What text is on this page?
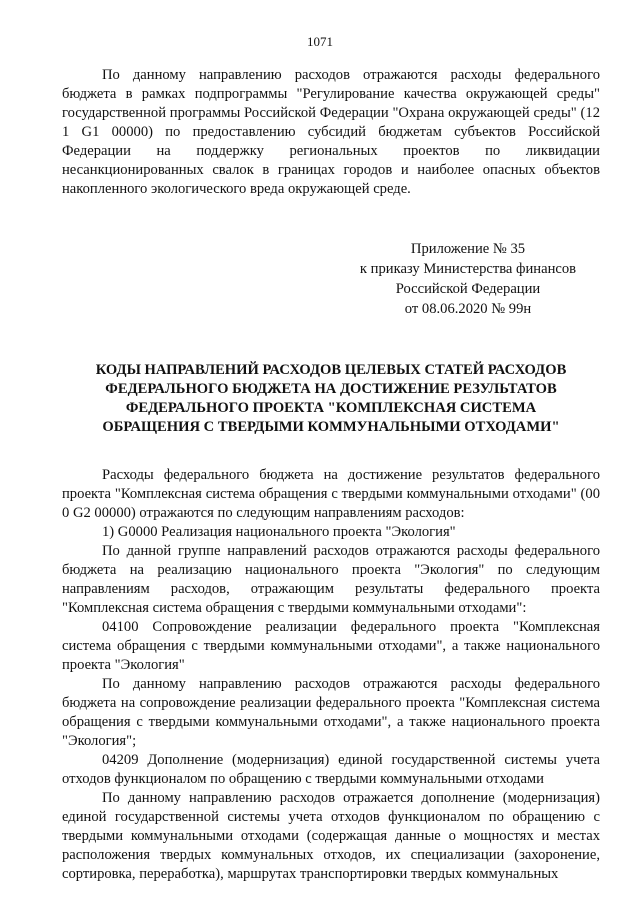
1071

По данному направлению расходов отражаются расходы федерального бюджета в рамках подпрограммы "Регулирование качества окружающей среды" государственной программы Российской Федерации "Охрана окружающей среды" (12 1 G1 00000) по предоставлению субсидий бюджетам субъектов Российской Федерации на поддержку региональных проектов по ликвидации несанкционированных свалок в границах городов и наиболее опасных объектов накопленного экологического вреда окружающей среде.

Приложение № 35
к приказу Министерства финансов
Российской Федерации
от 08.06.2020 № 99н
КОДЫ НАПРАВЛЕНИЙ РАСХОДОВ ЦЕЛЕВЫХ СТАТЕЙ РАСХОДОВ ФЕДЕРАЛЬНОГО БЮДЖЕТА НА ДОСТИЖЕНИЕ РЕЗУЛЬТАТОВ ФЕДЕРАЛЬНОГО ПРОЕКТА "КОМПЛЕКСНАЯ СИСТЕМА ОБРАЩЕНИЯ С ТВЕРДЫМИ КОММУНАЛЬНЫМИ ОТХОДАМИ"

Расходы федерального бюджета на достижение результатов федерального проекта "Комплексная система обращения с твердыми коммунальными отходами" (00 0 G2 00000) отражаются по следующим направлениям расходов:

1) G0000 Реализация национального проекта "Экология"

По данной группе направлений расходов отражаются расходы федерального бюджета на реализацию национального проекта "Экология" по следующим направлениям расходов, отражающим результаты федерального проекта "Комплексная система обращения с твердыми коммунальными отходами":

04100 Сопровождение реализации федерального проекта "Комплексная система обращения с твердыми коммунальными отходами", а также национального проекта "Экология"

По данному направлению расходов отражаются расходы федерального бюджета на сопровождение реализации федерального проекта "Комплексная система обращения с твердыми коммунальными отходами", а также национального проекта "Экология";

04209 Дополнение (модернизация) единой государственной системы учета отходов функционалом по обращению с твердыми коммунальными отходами

По данному направлению расходов отражается дополнение (модернизация) единой государственной системы учета отходов функционалом по обращению с твердыми коммунальными отходами (содержащая данные о мощностях и местах расположения твердых коммунальных отходов, их специализации (захоронение, сортировка, переработка), маршрутах транспортировки твердых коммунальных
